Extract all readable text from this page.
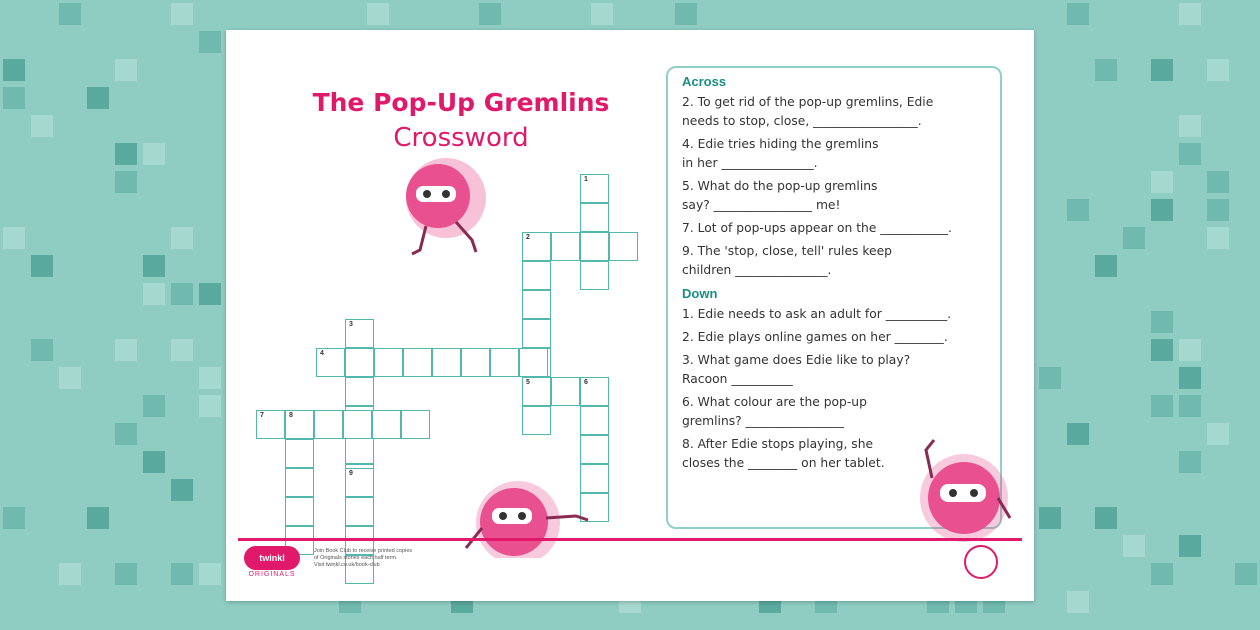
The Pop-Up Gremlins
Crossword
1
2
5
4
3
6
7	8
9
Across
2. To get rid of the pop-up gremlins, Edie
needs to stop, close, _________________.
4. Edie tries hiding the gremlins
in her _______________.
5. What do the pop-up gremlins
say? ________________ me!
7. Lot of pop-ups appear on the ___________.
9. The 'stop, close, tell' rules keep
children _______________.
Down
1. Edie needs to ask an adult for __________.
2. Edie plays online games on her ________.
3. What game does Edie like to play?
Racoon __________
6. What colour are the pop-up
gremlins? ________________
8. After Edie stops playing, she
closes the ________ on her tablet.
twinkl
ORIGINALS
Join Book Club to receive printed copies
of Originals stories each half term.
Visit twinkl.co.uk/book-club
